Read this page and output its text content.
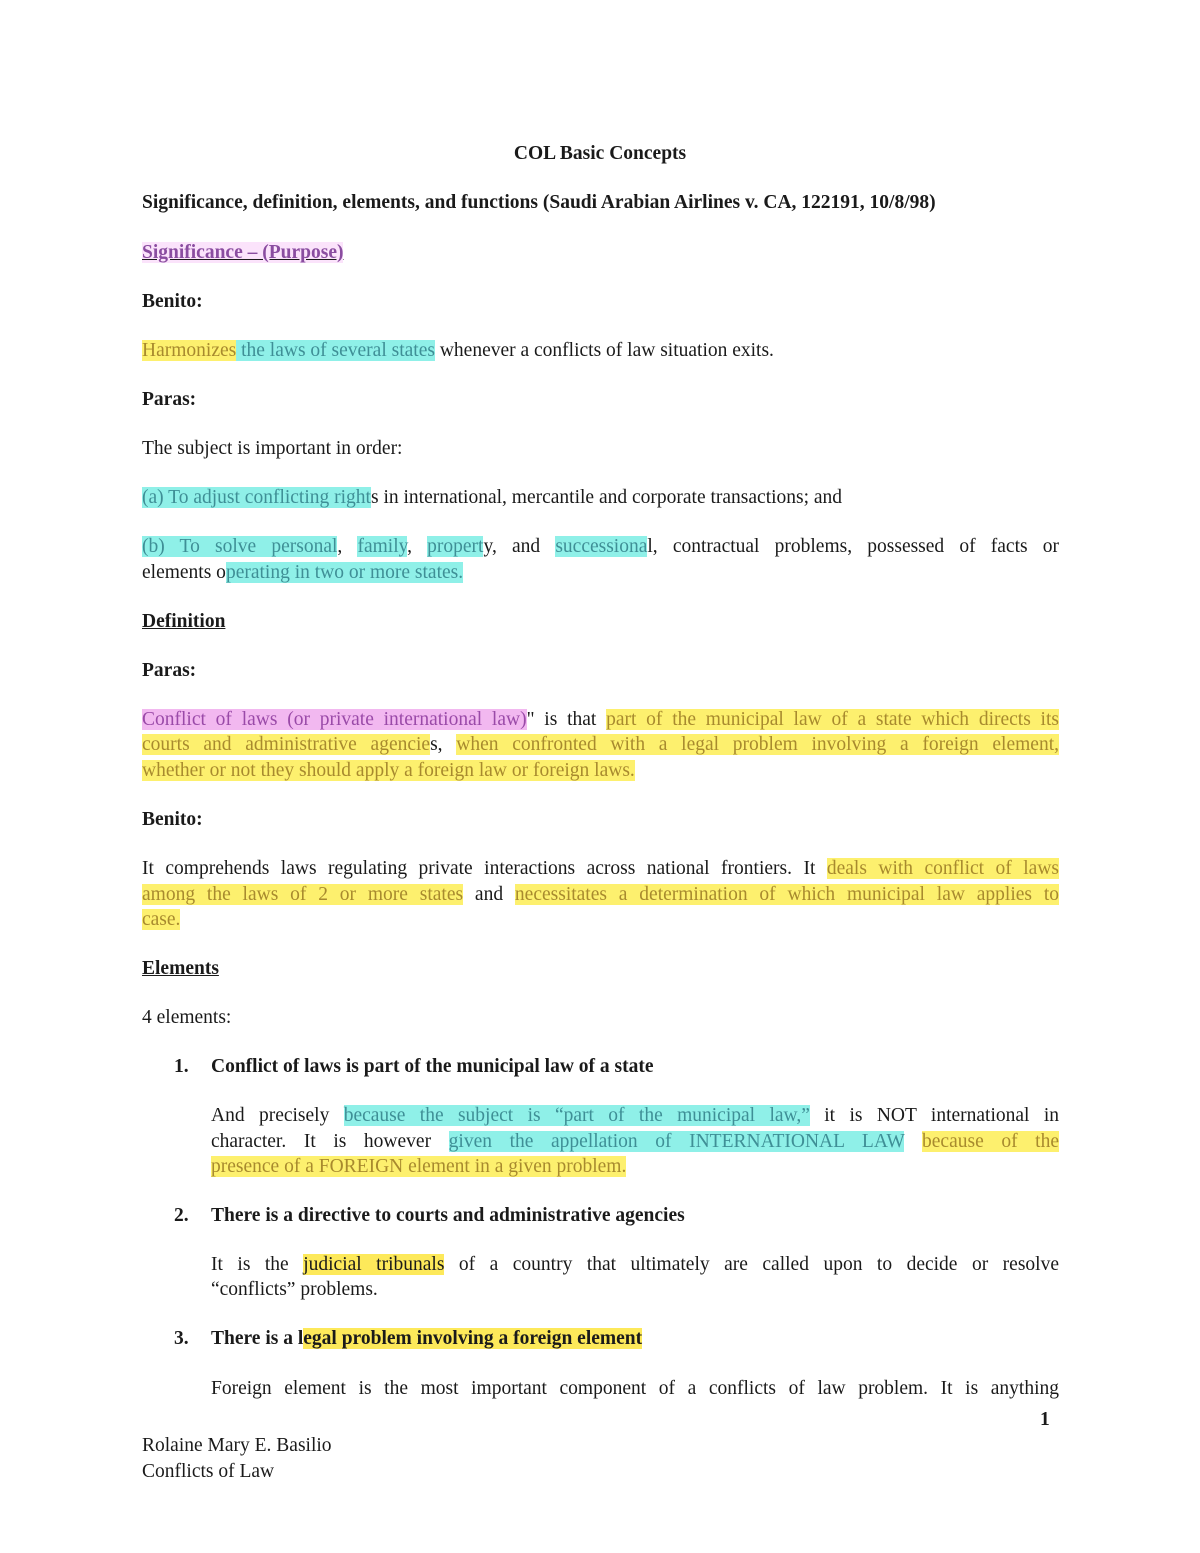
COL Basic Concepts
Significance, definition, elements, and functions (Saudi Arabian Airlines v. CA, 122191, 10/8/98)
Significance – (Purpose)
Benito:
Harmonizes the laws of several states whenever a conflicts of law situation exits.
Paras:
The subject is important in order:
(a) To adjust conflicting rights in international, mercantile and corporate transactions; and
(b) To solve personal, family, property, and successional, contractual problems, possessed of facts or
elements operating in two or more states.
Definition
Paras:
Conflict of laws (or private international law)" is that part of the municipal law of a state which directs its
courts and administrative agencies, when confronted with a legal problem involving a foreign element,
whether or not they should apply a foreign law or foreign laws.
Benito:
It comprehends laws regulating private interactions across national frontiers. It deals with conflict of laws
among the laws of 2 or more states and necessitates a determination of which municipal law applies to
case.
Elements
4 elements:
1. Conflict of laws is part of the municipal law of a state
And precisely because the subject is “part of the municipal law,” it is NOT international in
character. It is however given the appellation of INTERNATIONAL LAW because of the
presence of a FOREIGN element in a given problem.
2. There is a directive to courts and administrative agencies
It is the judicial tribunals of a country that ultimately are called upon to decide or resolve
“conflicts” problems.
3. There is a legal problem involving a foreign element
Foreign element is the most important component of a conflicts of law problem. It is anything
1
Rolaine Mary E. Basilio
Conflicts of Law
